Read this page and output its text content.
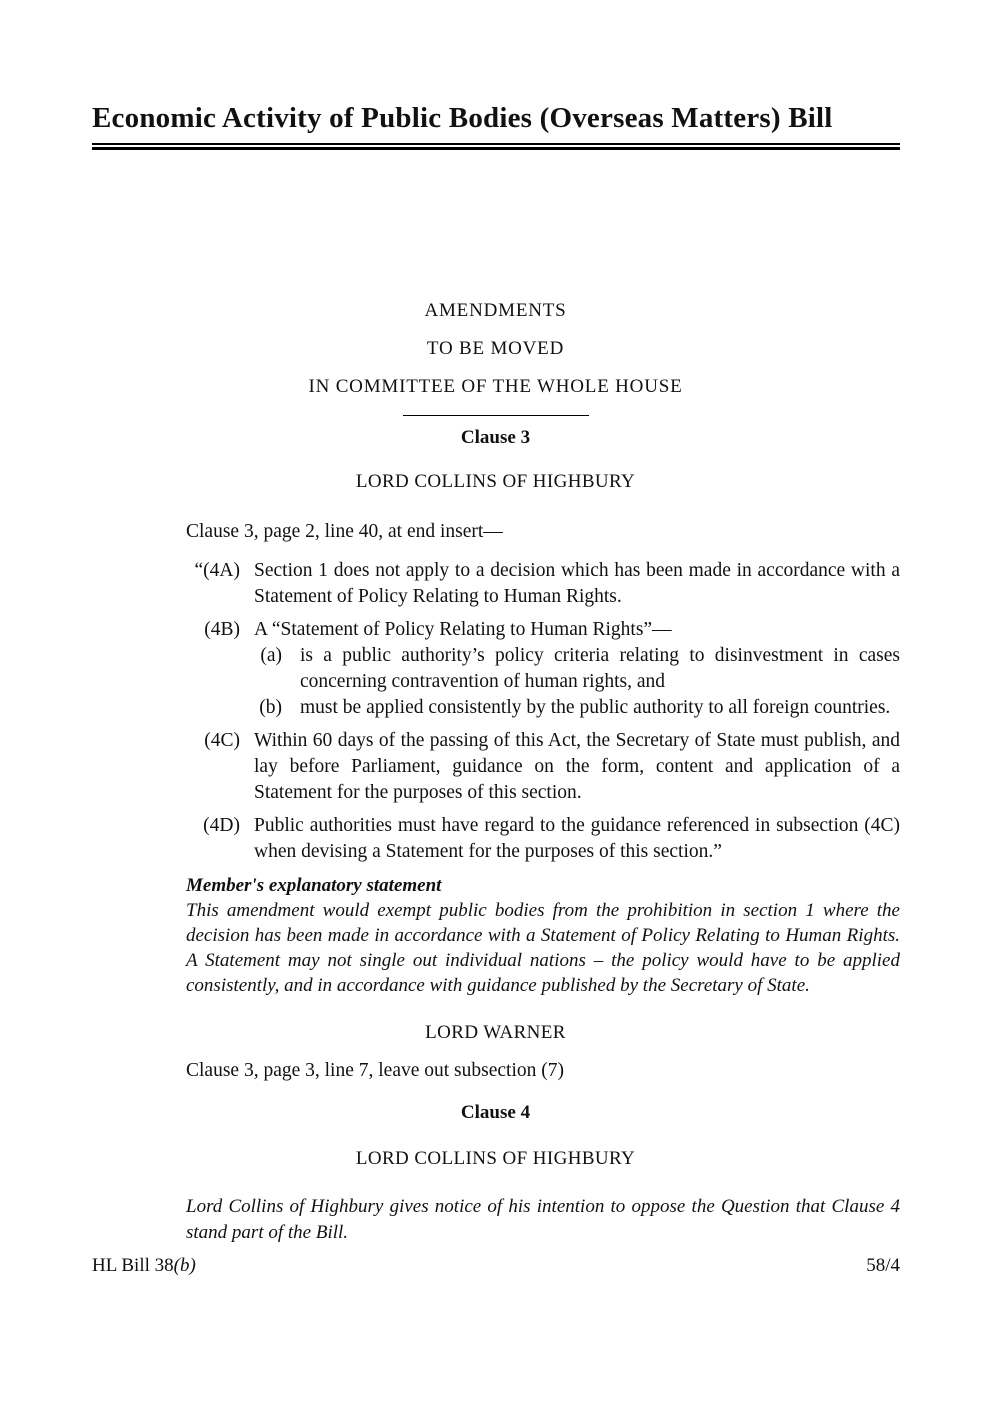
Economic Activity of Public Bodies (Overseas Matters) Bill
AMENDMENTS
TO BE MOVED
IN COMMITTEE OF THE WHOLE HOUSE
Clause 3
LORD COLLINS OF HIGHBURY

Clause 3, page 2, line 40, at end insert—

“(4A) Section 1 does not apply to a decision which has been made in accordance with a Statement of Policy Relating to Human Rights.
(4B) A “Statement of Policy Relating to Human Rights”—
(a) is a public authority’s policy criteria relating to disinvestment in cases concerning contravention of human rights, and
(b) must be applied consistently by the public authority to all foreign countries.
(4C) Within 60 days of the passing of this Act, the Secretary of State must publish, and lay before Parliament, guidance on the form, content and application of a Statement for the purposes of this section.
(4D) Public authorities must have regard to the guidance referenced in subsection (4C) when devising a Statement for the purposes of this section.”
Member's explanatory statement

This amendment would exempt public bodies from the prohibition in section 1 where the decision has been made in accordance with a Statement of Policy Relating to Human Rights. A Statement may not single out individual nations – the policy would have to be applied consistently, and in accordance with guidance published by the Secretary of State.

LORD WARNER

Clause 3, page 3, line 7, leave out subsection (7)

Clause 4
LORD COLLINS OF HIGHBURY

Lord Collins of Highbury gives notice of his intention to oppose the Question that Clause 4 stand part of the Bill.

HL Bill 38(b)	58/4
